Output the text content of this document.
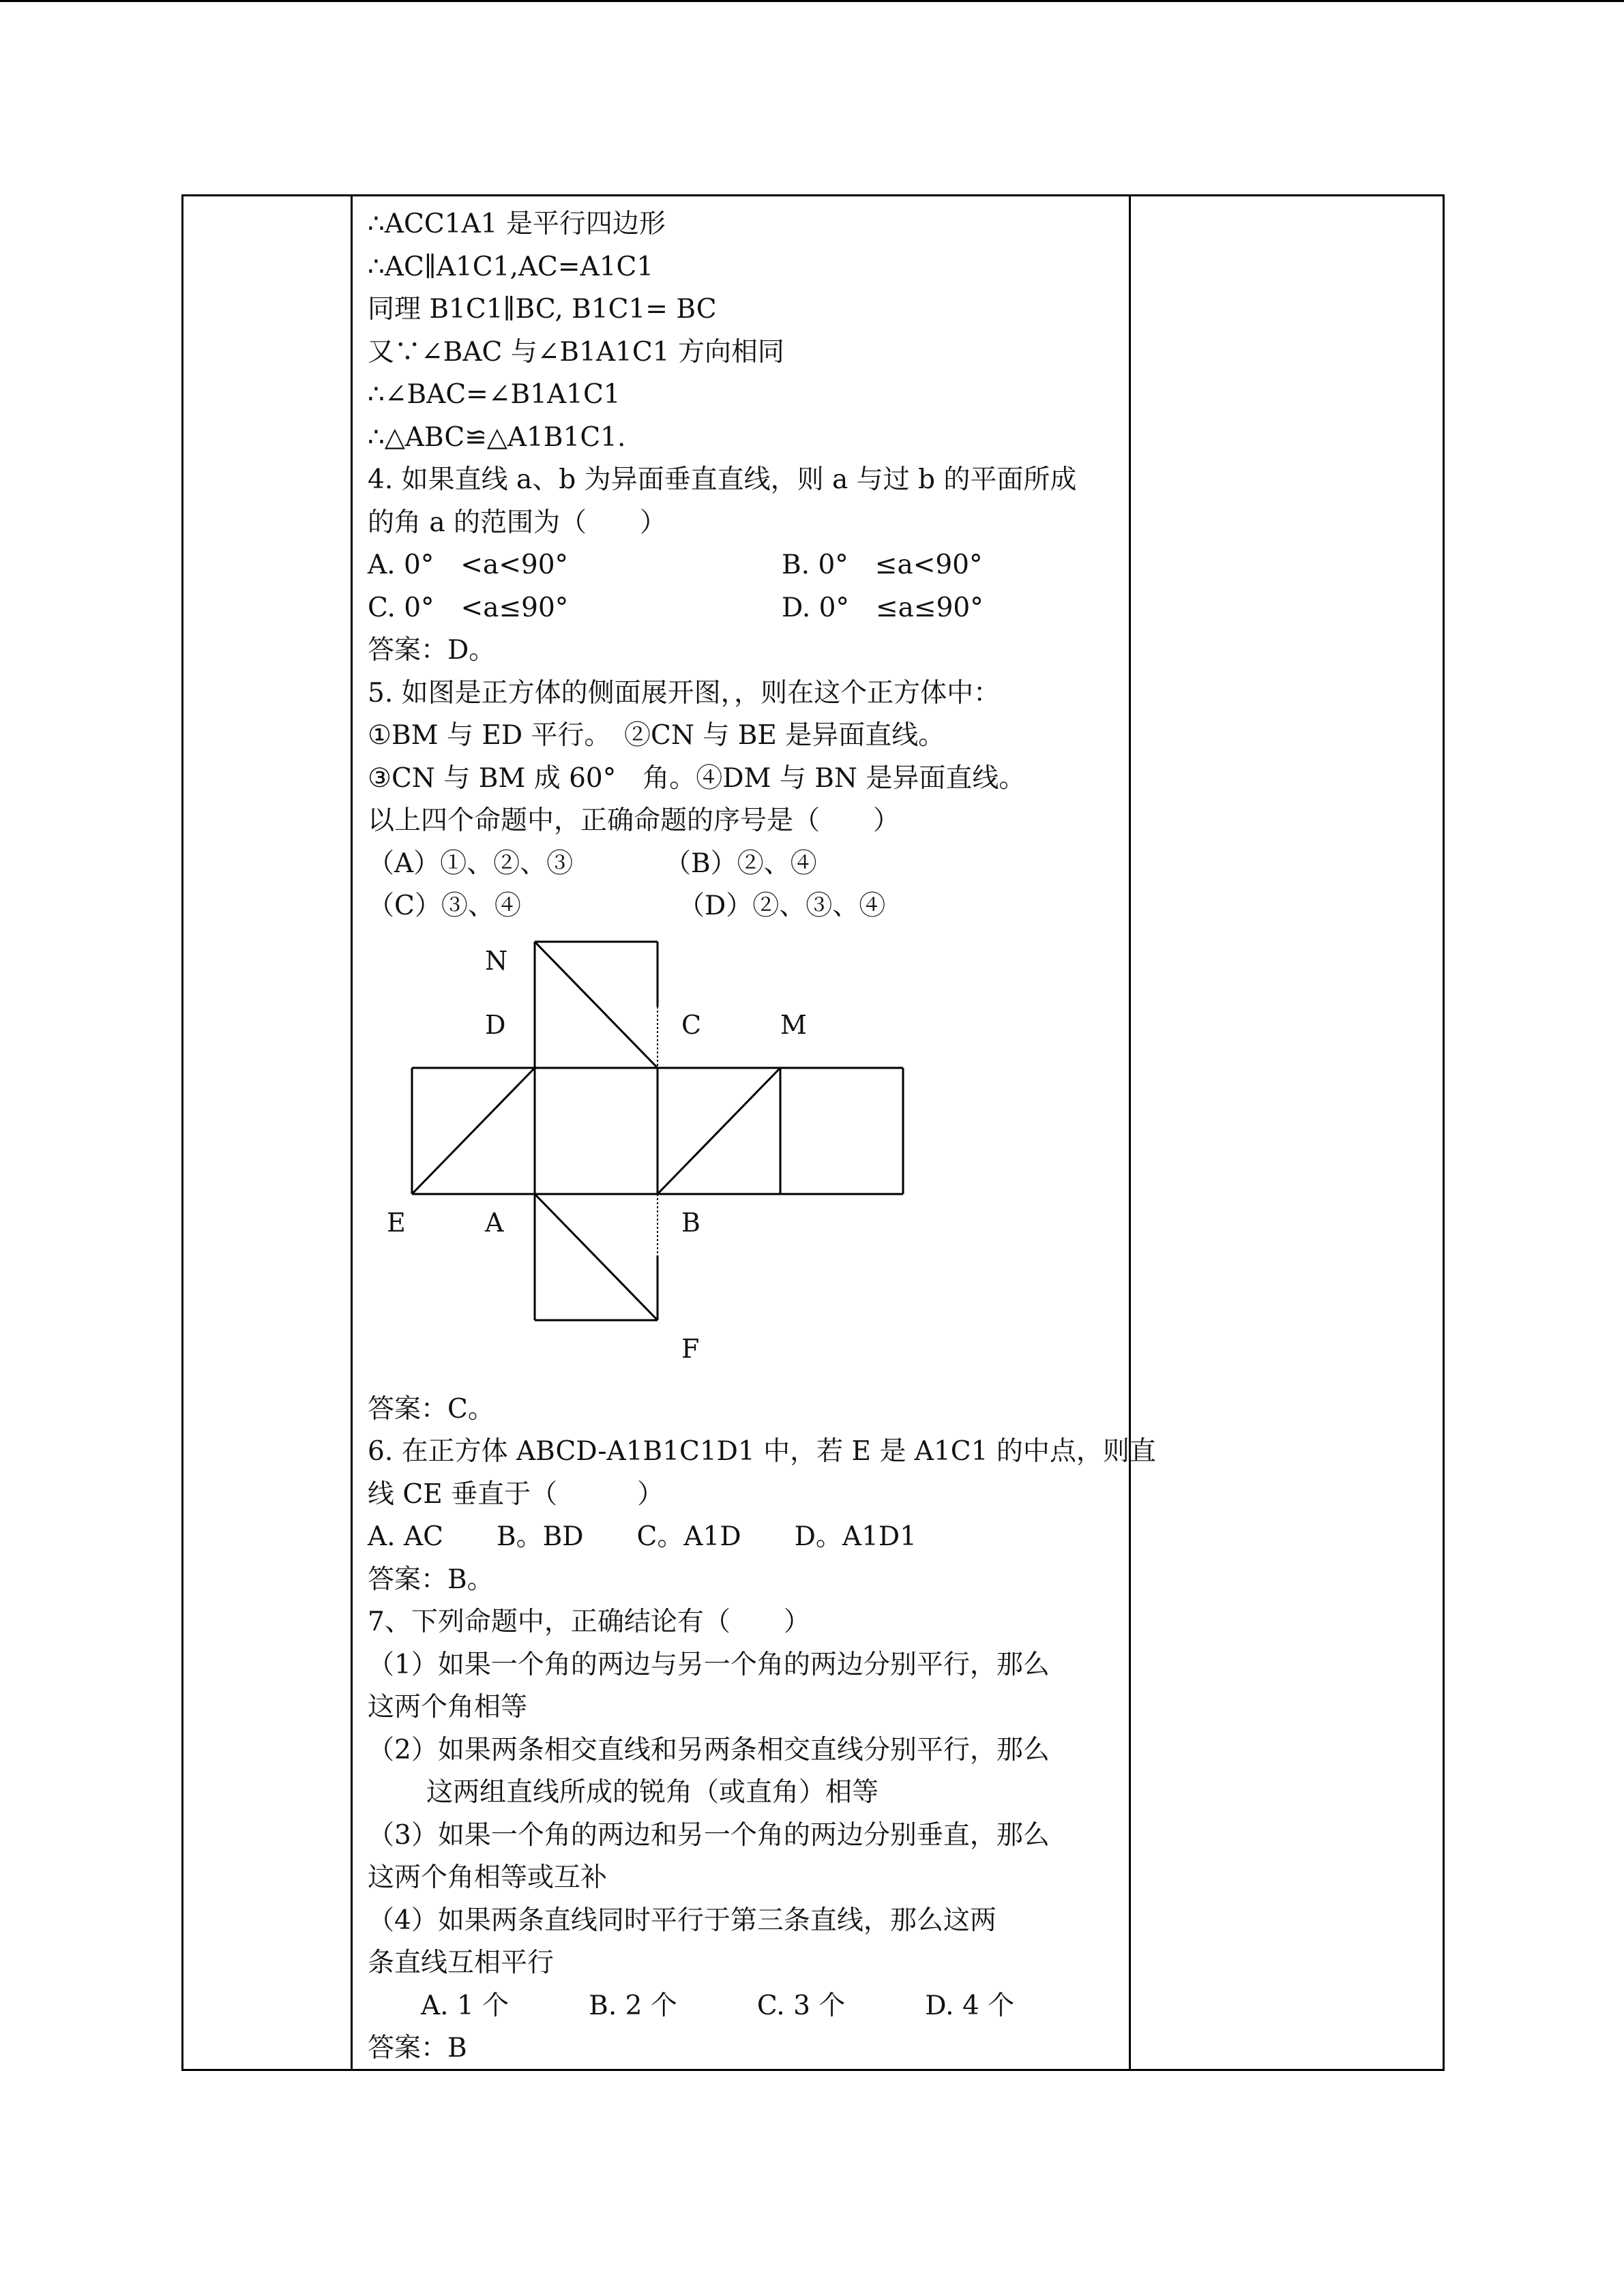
∴ACC1A1 是平行四边形
∴AC∥A1C1,AC=A1C1
同理 B1C1∥BC, B1C1= BC
又∵∠BAC 与∠B1A1C1 方向相同
∴∠BAC=∠B1A1C1
∴△ABC≌△A1B1C1.
4. 如果直线 a、b 为异面垂直直线，则 a 与过 b 的平面所成
的角 a 的范围为（　　）
A. 0°　<a<90°	B. 0°　≤a<90°
C. 0°　<a≤90°	D. 0°　≤a≤90°
答案：D。
5. 如图是正方体的侧面展开图，，则在这个正方体中：
①BM 与 ED 平行。　②CN 与 BE 是异面直线。
③CN 与 BM 成 60°　角。④DM 与 BN 是异面直线。
以上四个命题中，正确命题的序号是（　　）
（A）①、②、③	（B）②、④
（C）③、④	（D）②、③、④
N
D	C	M
E	A	B
F
答案：C。
6. 在正方体 ABCD-A1B1C1D1 中，若 E 是 A1C1 的中点，则直
线 CE 垂直于（　　　）
A. AC　　B。BD　　C。A1D　　D。A1D1
答案：B。
7、下列命题中，正确结论有（　　）
（1）如果一个角的两边与另一个角的两边分别平行，那么
这两个角相等
（2）如果两条相交直线和另两条相交直线分别平行，那么
这两组直线所成的锐角（或直角）相等
（3）如果一个角的两边和另一个角的两边分别垂直，那么
这两个角相等或互补
（4）如果两条直线同时平行于第三条直线，那么这两
条直线互相平行
　　A. 1 个　　　B. 2 个　　　C. 3 个　　　D. 4 个
答案：B
